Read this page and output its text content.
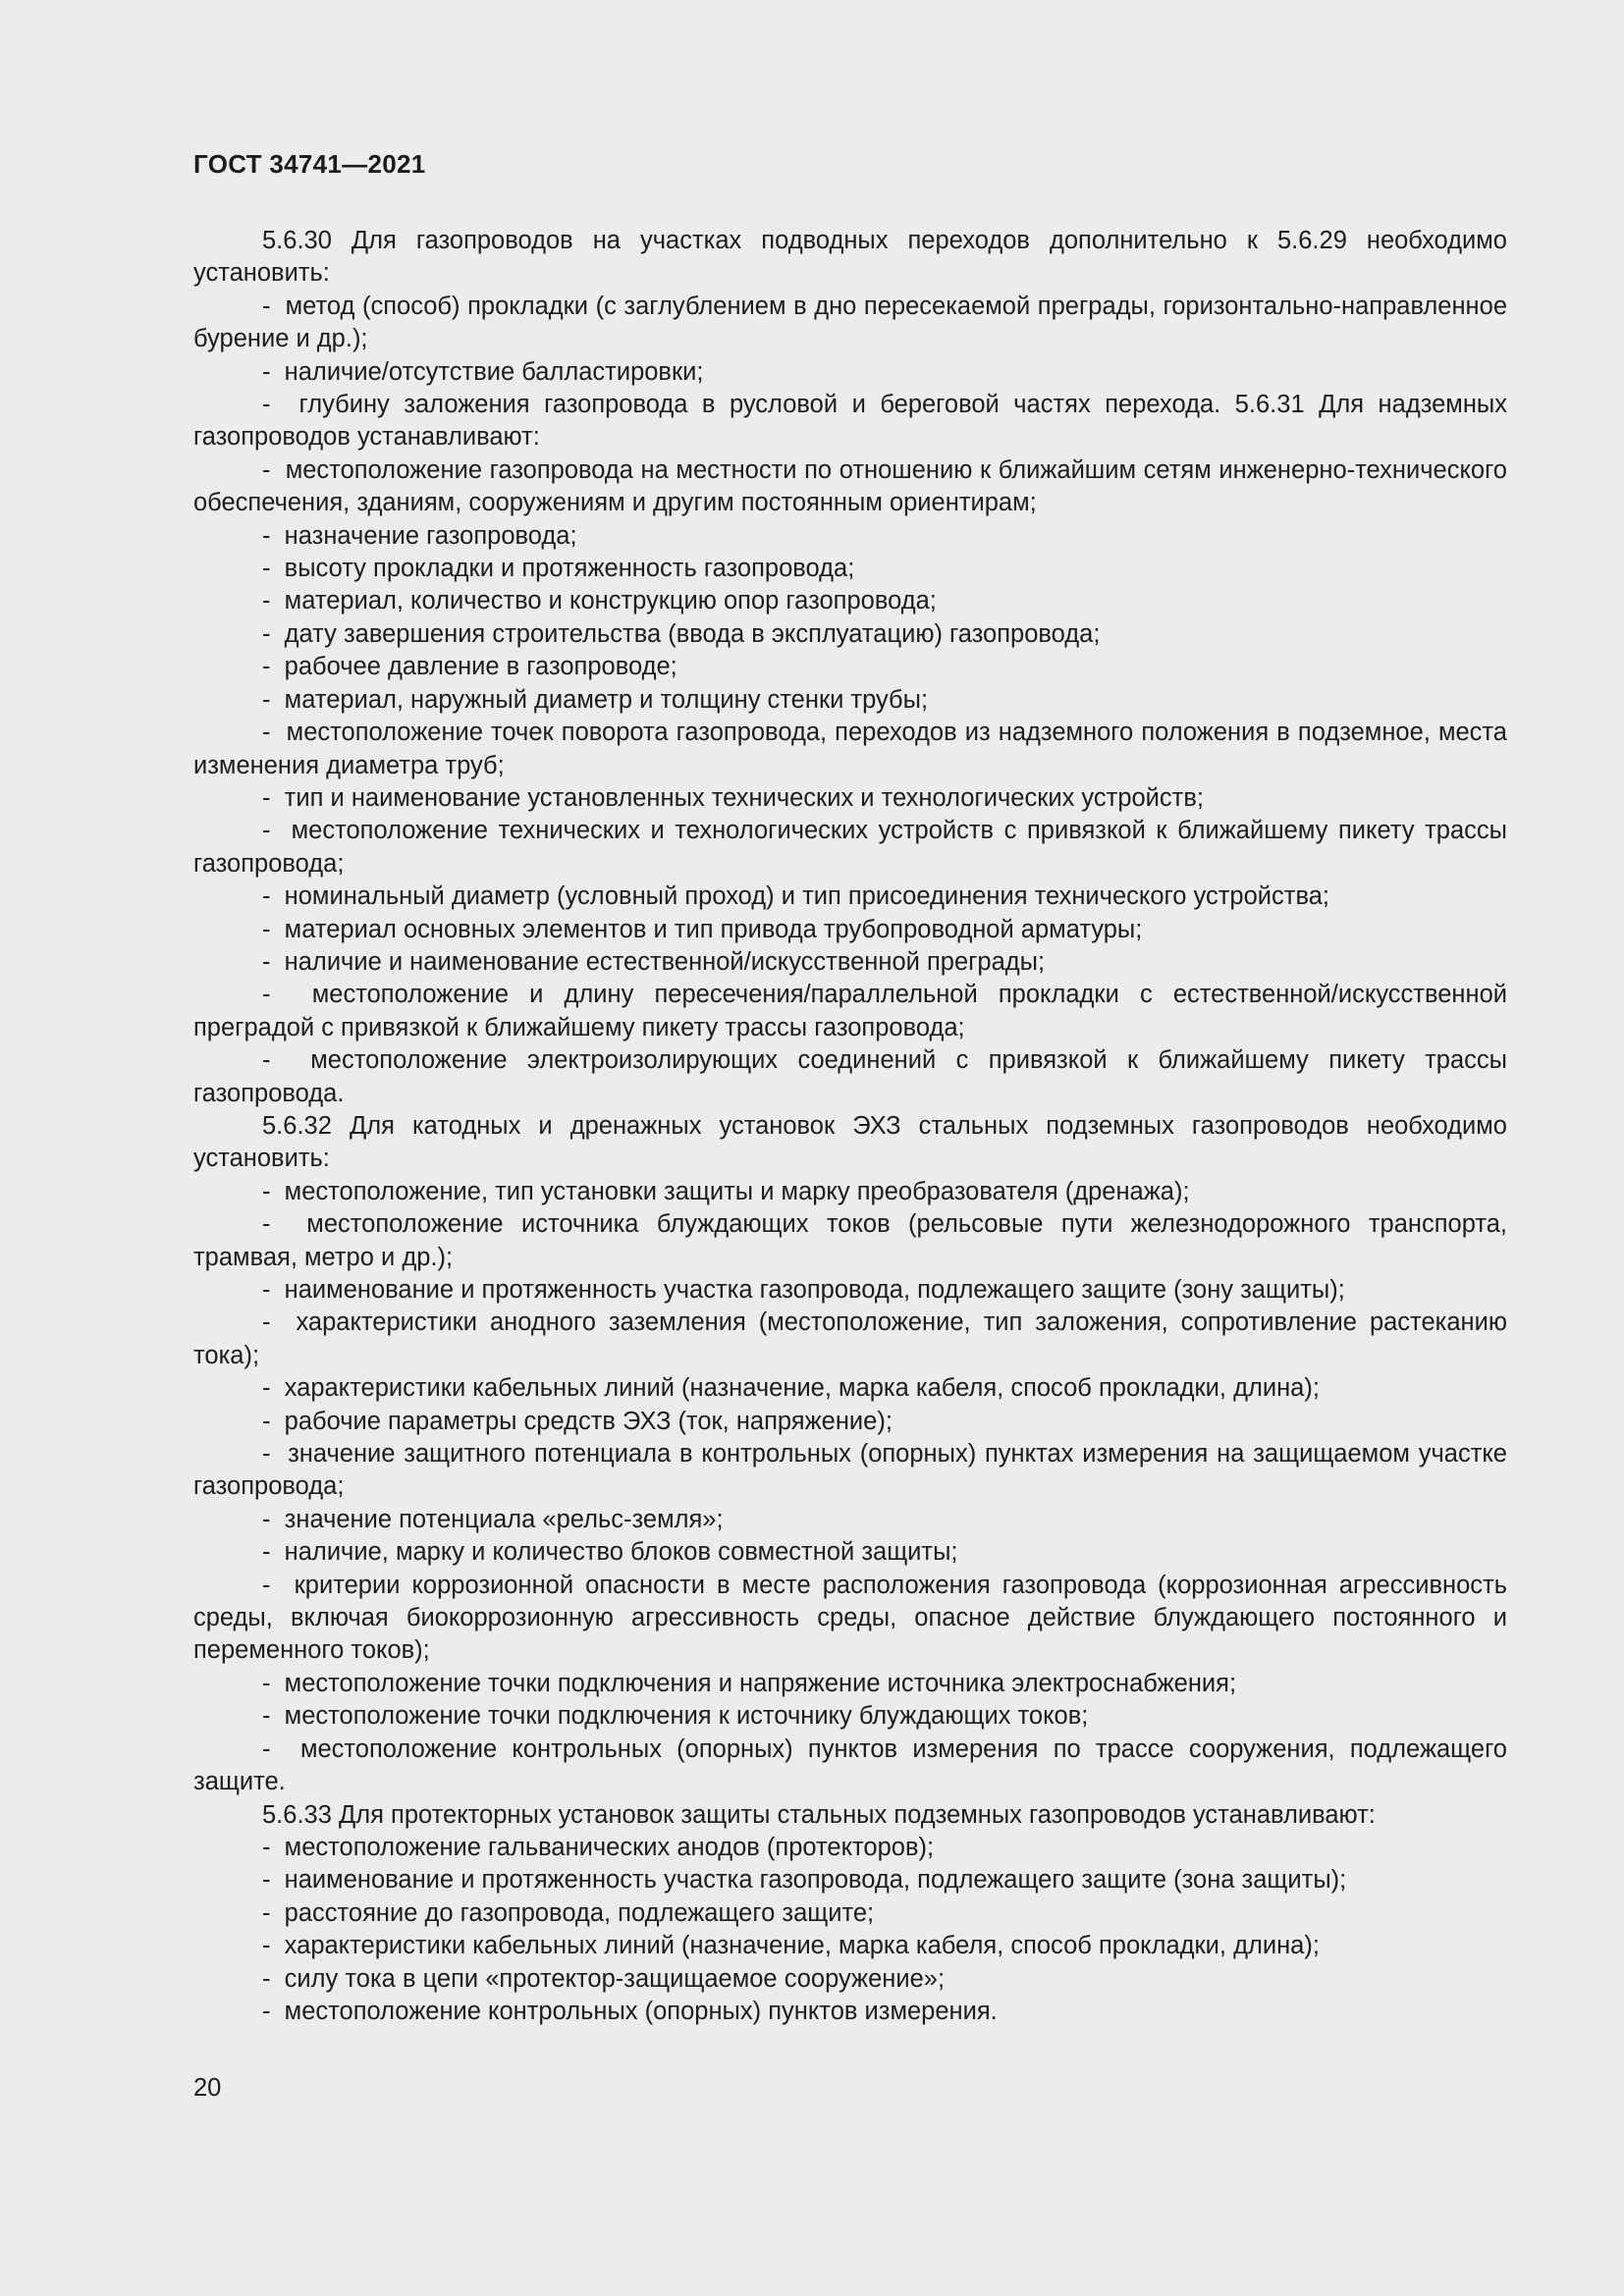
ГОСТ 34741—2021

5.6.30 Для газопроводов на участках подводных переходов дополнительно к 5.6.29 необходимо установить:

-  метод (способ) прокладки (с заглублением в дно пересекаемой преграды, горизонтально-направленное бурение и др.);

-  наличие/отсутствие балластировки;

-  глубину заложения газопровода в русловой и береговой частях перехода. 5.6.31 Для надземных газопроводов устанавливают:

-  местоположение газопровода на местности по отношению к ближайшим сетям инженерно-технического обеспечения, зданиям, сооружениям и другим постоянным ориентирам;

-  назначение газопровода;

-  высоту прокладки и протяженность газопровода;

-  материал, количество и конструкцию опор газопровода;

-  дату завершения строительства (ввода в эксплуатацию) газопровода;

-  рабочее давление в газопроводе;

-  материал, наружный диаметр и толщину стенки трубы;

-  местоположение точек поворота газопровода, переходов из надземного положения в подземное, места изменения диаметра труб;

-  тип и наименование установленных технических и технологических устройств;

-  местоположение технических и технологических устройств с привязкой к ближайшему пикету трассы газопровода;

-  номинальный диаметр (условный проход) и тип присоединения технического устройства;

-  материал основных элементов и тип привода трубопроводной арматуры;

-  наличие и наименование естественной/искусственной преграды;

-  местоположение и длину пересечения/параллельной прокладки с естественной/искусственной преградой с привязкой к ближайшему пикету трассы газопровода;

-  местоположение электроизолирующих соединений с привязкой к ближайшему пикету трассы газопровода.

5.6.32 Для катодных и дренажных установок ЭХЗ стальных подземных газопроводов необходимо установить:

-  местоположение, тип установки защиты и марку преобразователя (дренажа);

-  местоположение источника блуждающих токов (рельсовые пути железнодорожного транспорта, трамвая, метро и др.);

-  наименование и протяженность участка газопровода, подлежащего защите (зону защиты);

-  характеристики анодного заземления (местоположение, тип заложения, сопротивление растеканию тока);

-  характеристики кабельных линий (назначение, марка кабеля, способ прокладки, длина);

-  рабочие параметры средств ЭХЗ (ток, напряжение);

-  значение защитного потенциала в контрольных (опорных) пунктах измерения на защищаемом участке газопровода;

-  значение потенциала «рельс-земля»;

-  наличие, марку и количество блоков совместной защиты;

-  критерии коррозионной опасности в месте расположения газопровода (коррозионная агрессивность среды, включая биокоррозионную агрессивность среды, опасное действие блуждающего постоянного и переменного токов);

-  местоположение точки подключения и напряжение источника электроснабжения;

-  местоположение точки подключения к источнику блуждающих токов;

-  местоположение контрольных (опорных) пунктов измерения по трассе сооружения, подлежащего защите.

5.6.33 Для протекторных установок защиты стальных подземных газопроводов устанавливают:

-  местоположение гальванических анодов (протекторов);

-  наименование и протяженность участка газопровода, подлежащего защите (зона защиты);

-  расстояние до газопровода, подлежащего защите;

-  характеристики кабельных линий (назначение, марка кабеля, способ прокладки, длина);

-  силу тока в цепи «протектор-защищаемое сооружение»;

-  местоположение контрольных (опорных) пунктов измерения.

20
